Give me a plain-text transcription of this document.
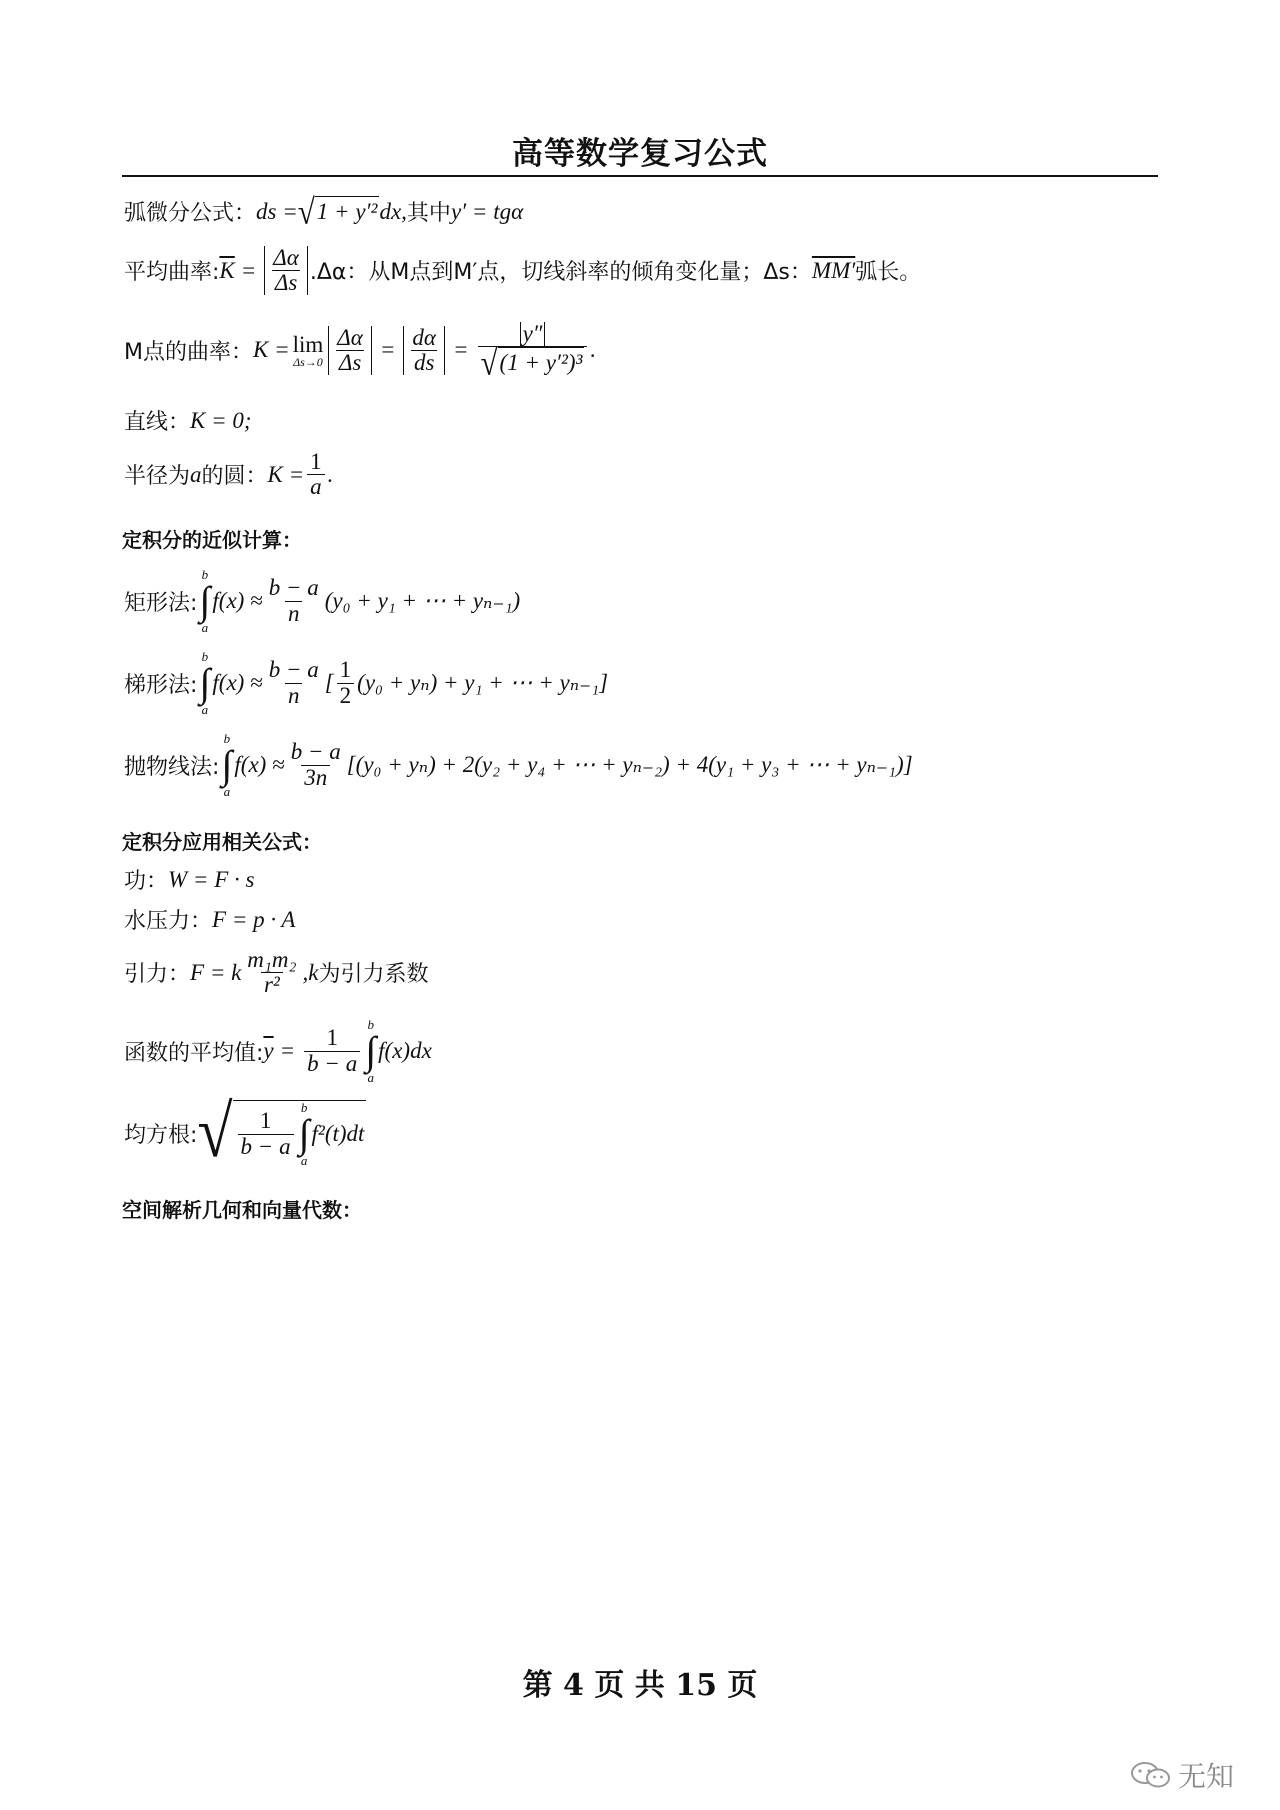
高等数学复习公式
弧微分公式： ds = √ 1 + y′² dx, 其中 y′ = tgα
平均曲率: $\overline{K} = \frac{\Delta\alpha}{\Delta s} .\Delta\alpha$：从M点到M′点，切线斜率的倾角变化量；Δs： MM′ 弧长。
M点的曲率： K = lim
$\Delta s\to 0 \frac{\Delta\alpha}{\Delta s} = \frac{d\alpha}{ds} = \frac{y''}{\text{√ (1 + y′²)³}}$ .
直线： K = 0;
半径为 a 的圆： $K = \frac{1}{a}$ .
定积分的近似计算：
矩形法:
b
∫
a
$f(x) \approx \frac{b - a}{n} (y_0 + y_1$ + ⋯ + yₙ₋₁)
梯形法:
b
∫
a
$f(x) \approx \frac{b - a}{n}$ [ $\frac{1}{2} (y_0 + y_n) + y_1$ + ⋯ + yₙ₋₁]
抛物线法:
b
∫
a
$f(x) \approx \frac{b - a}{3n} [(y_0 + y_n) + 2(y_2 + y_4$ + ⋯ + yₙ₋₂) + 4(y₁ + y₃ + ⋯ + yₙ₋₁)]
定积分应用相关公式：
功： W = F · s
水压力： F = p · A
引力： F = k $\frac{\text{m₁m₂}}{\text{r²}}$ , k 为引力系数
函数的平均值: $\overline{y} = \frac{1}{b - a}$
b
∫
a
f(x)dx
均方根: √ $\frac{1}{b - a}$
b
∫
a
f²(t)dt
空间解析几何和向量代数：
第 4 页 共 15 页
无知
